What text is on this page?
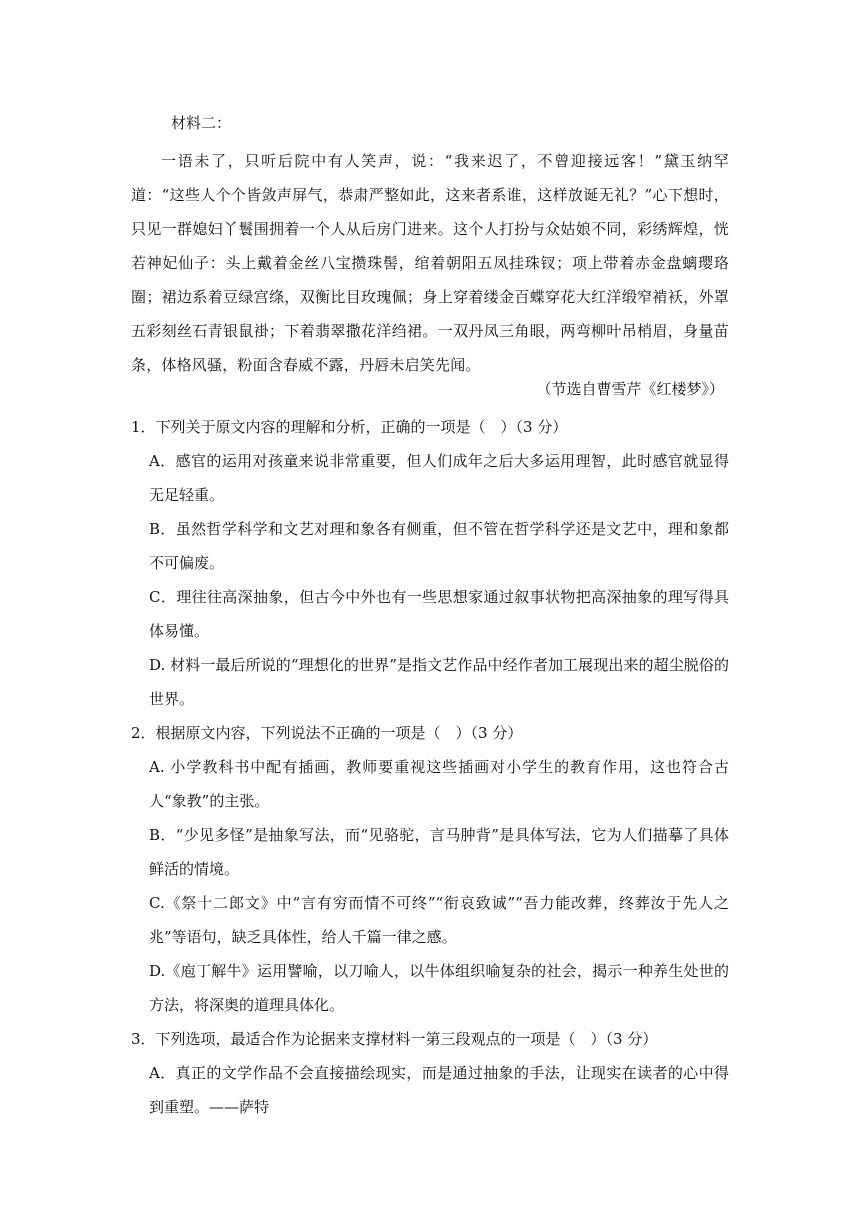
材料二：

一语未了，只听后院中有人笑声，说：“我来迟了，不曾迎接远客！”黛玉纳罕道：“这些人个个皆敛声屏气，恭肃严整如此，这来者系谁，这样放诞无礼？”心下想时，只见一群媳妇丫鬟围拥着一个人从后房门进来。这个人打扮与众姑娘不同，彩绣辉煌，恍若神妃仙子：头上戴着金丝八宝攒珠髻，绾着朝阳五凤挂珠钗；项上带着赤金盘螭璎珞圈；裙边系着豆绿宫绦，双衡比目玫瑰佩；身上穿着缕金百蝶穿花大红洋缎窄褃袄，外罩五彩刻丝石青银鼠褂；下着翡翠撒花洋绉裙。一双丹凤三角眼，两弯柳叶吊梢眉，身量苗条，体格风骚，粉面含春威不露，丹唇未启笑先闻。

（节选自曹雪芹《红楼梦》）

1．下列关于原文内容的理解和分析，正确的一项是（　）（3 分）

A．感官的运用对孩童来说非常重要，但人们成年之后大多运用理智，此时感官就显得无足轻重。

B．虽然哲学科学和文艺对理和象各有侧重，但不管在哲学科学还是文艺中，理和象都不可偏废。

C．理往往高深抽象，但古今中外也有一些思想家通过叙事状物把高深抽象的理写得具体易懂。

D. 材料一最后所说的“理想化的世界”是指文艺作品中经作者加工展现出来的超尘脱俗的世界。

2．根据原文内容，下列说法不正确的一项是（　）（3 分）

A. 小学教科书中配有插画，教师要重视这些插画对小学生的教育作用，这也符合古人“象教”的主张。

B．“少见多怪”是抽象写法，而“见骆驼，言马肿背”是具体写法，它为人们描摹了具体鲜活的情境。

C.《祭十二郎文》中“言有穷而情不可终”“衔哀致诚”“吾力能改葬，终葬汝于先人之兆”等语句，缺乏具体性，给人千篇一律之感。

D.《庖丁解牛》运用譬喻，以刀喻人，以牛体组织喻复杂的社会，揭示一种养生处世的方法，将深奥的道理具体化。

3．下列选项，最适合作为论据来支撑材料一第三段观点的一项是（　）（3 分）

A．真正的文学作品不会直接描绘现实，而是通过抽象的手法，让现实在读者的心中得到重塑。——萨特
